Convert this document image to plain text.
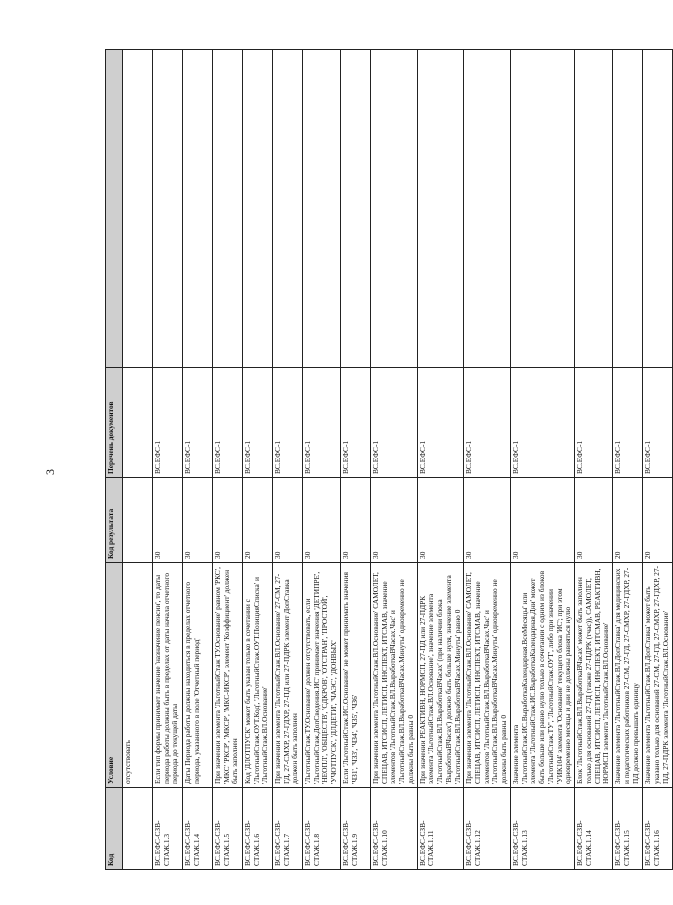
3
Код	Условие	Код результата	Перечень документов	
	отсутствовать			
ВС.ЕФС-СЗВ-СТАЖ.1.3	Если тип формы принимает значение 'назначение пенсии', то даты периода работы должны быть в пределах от даты начала отчетного периода до текущей даты	30	ВС.ЕФС-1	
ВС.ЕФС-СЗВ-СТАЖ.1.4	Даты Периода работы должны находиться в пределах отчетного периода, указанного в поле 'Отчетный период'	30	ВС.ЕФС-1	
ВС.ЕФС-СЗВ-СТАЖ.1.5	При значении элемента 'ЛьготныйСтаж ТУ.Основание' равном 'РКС', 'МКС' 'РКСР', 'МКСР', 'МКС-ИКСР', элемент 'Коэффициент' должен быть заполнен	30	ВС.ЕФС-1	
ВС.ЕФС-СЗВ-СТАЖ.1.6	Код 'ДЛОТПУСК' может быть указан только в сочетании с 'ЛьготныйСтаж.ОУТ.Код', 'ЛьготныйСтаж.ОУТ.ПозицияСписка' и 'ЛьготныйСтаж.ВЛ.Основание'	20	ВС.ЕФС-1	
ВС.ЕФС-СЗВ-СТАЖ.1.7	При значении элемента 'ЛьготныйСтаж.ВЛ.Основание' 27-СМ, 27-ГД, 27-СМХР, 27-ГДХР, 27-ПД или 27-ПДРК элемент ДопСтавка должен быть заполнен	30	ВС.ЕФС-1	
ВС.ЕФС-СЗВ-СТАЖ.1.8	'ЛьготныйСтаж.ТУ.Основание' должен отсутствовать, если 'ЛьготныйСтаж.ДопСведения.ИС' принимает значения 'ДЕТИПРЕ', 'НЕОПЛ', 'ОБЩЕСТВ', 'СДКРОВ', 'ОТСТРАН', 'ПРОСТОЙ', 'УЧОТПУСК', 'ДЛДЕТИ', 'ЧАЭС', 'ДОНВЫХ'	30	ВС.ЕФС-1	
ВС.ЕФС-СЗВ-СТАЖ.1.9	Если 'ЛьготныйСтаж.ИС.Основание' не может принимать значения 'ЧЗ1', 'ЧЗ3', 'ЧЗ4', 'ЧЗ5', 'ЧЗ6'	30	ВС.ЕФС-1	
ВС.ЕФС-СЗВ-СТАЖ.1.10	При значении элемента 'ЛьготныйСтаж.ВЛ.Основание' САМОЛЕТ, СПЕЦАВ, ИТСИСП, ЛЕТИСП, ИНСПЕКТ, ИТСМАВ, значение элементов 'ЛьготныйСтаж.ВЛ.ВыработкаВЧасах.Час' и 'ЛьготныйСтаж.ВЛ.ВыработкаВЧасах.Минуты' одновременно не должны быть равны 0	30	ВС.ЕФС-1	
ВС.ЕФС-СЗВ-СТАЖ.1.11	При значении РЕАКТИВН, НОРМСП, 27-ПД или 27-ПДРК элемента 'ЛьготныйСтаж.ВЛ.Основание', значение элемента 'ЛьготныйСтаж.ВЛ.ВыработкаВЧасах' (при наличии блока 'ВыработкаВЧасах') должно быть больше нуля, значение элемента 'ЛьготныйСтаж.ВЛ.ВыработкаВЧасах.Минуты' равно 0	30	ВС.ЕФС-1	
ВС.ЕФС-СЗВ-СТАЖ.1.12	При значении элемента 'ЛьготныйСтаж.ВЛ.Основание' САМОЛЕТ, СПЕЦАВ, ИТСИСП, ЛЕТИСП, ИНСПЕКТ, ИТСМАВ, значение элементов 'ЛьготныйСтаж.ВЛ.ВыработкаВЧасах.Час' и 'ЛьготныйСтаж.ВЛ.ВыработкаВЧасах.Минуты' одновременно не должны быть равны 0	30	ВС.ЕФС-1	
ВС.ЕФС-СЗВ-СТАЖ.1.13	Значение элемента 'ЛьготныйСтаж.ИС.ВыработкаКалендарная.ВсеМесяцы' или элемента 'ЛьготныйСтаж.ИС.ВыработкаКалендарная.Дни' может быть больше или равно нулю только в сочетании с одним из блоков 'ЛьготныйСтаж.ТУ', 'ЛьготныйСтаж.ОУТ', либо при значении 'УИК104' элемента 'Основание' текущего блока 'ИС'; при этом одновременно месяцы и дни не должны равняться нулю	30	ВС.ЕФС-1	
ВС.ЕФС-СЗВ-СТАЖ.1.14	Блок 'ЛьготныйСтаж.ВЛ.ВыработкаВЧасах' может быть заполнен только для оснований 27-ГД (также 27-ПДРК (тчас)), САМОЛЕТ, СПЕЦАВ, ИТСИСП, ЛЕТИСП, ИНСПЕКТ, ИТСМАВ, РЕАКТИВН, НОРМСП элемента 'ЛьготныйСтаж.ВЛ.Основание'	30	ВС.ЕФС-1	
ВС.ЕФС-СЗВ-СТАЖ.1.15	Значение элемента 'ЛьготныйСтаж.ВЛ.ДопСтавка' для медицинских и педагогических работников 27-СМ, 27-ГД, 27-СМХР, 27-ГДХР, 27-ПД должно превышать единицу	20	ВС.ЕФС-1	
ВС.ЕФС-СЗВ-СТАЖ.1.16	Значение элемента 'ЛьготныйСтаж.ВЛ.ДопСтавка' может быть указано только для оснований 27-СМ, 27-ГД, 27-СМХР, 27-ГДХР, 27-ПД, 27-ПДРК элемента 'ЛьготныйСтаж.ВЛ.Основание'	20	ВС.ЕФС-1	
